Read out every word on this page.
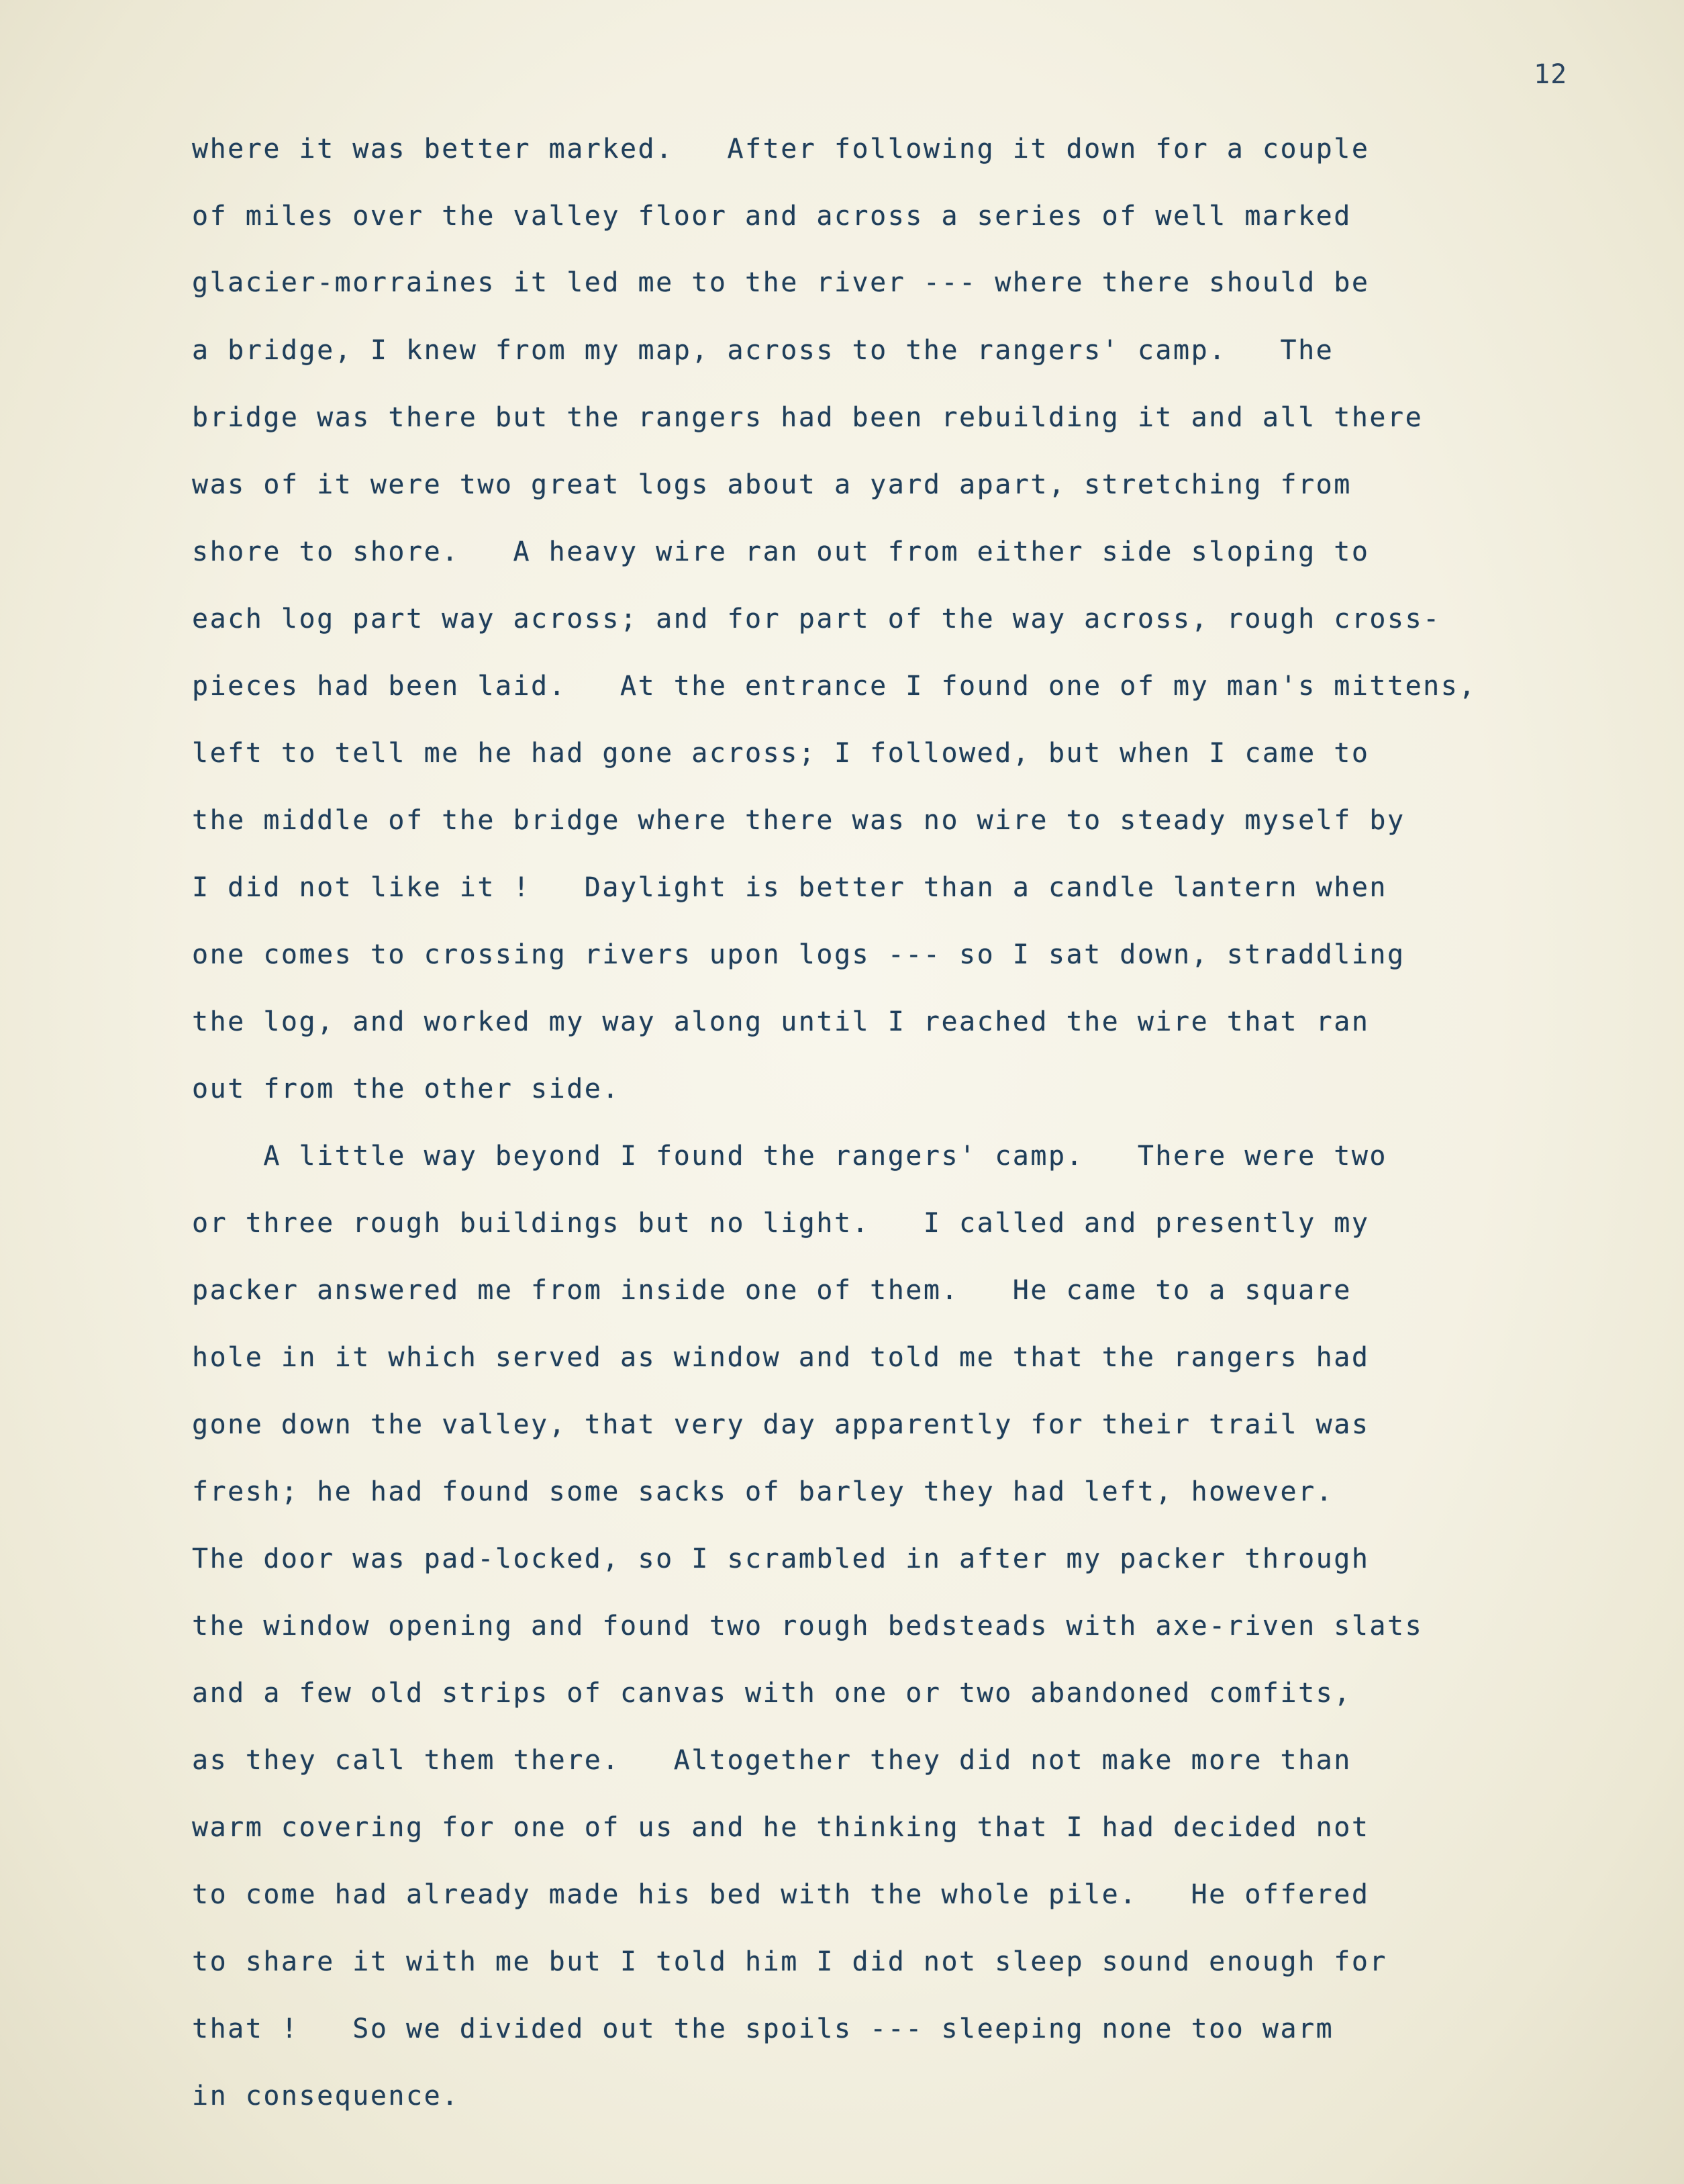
12
where it was better marked.   After following it down for a couple
of miles over the valley floor and across a series of well marked
glacier-morraines it led me to the river --- where there should be
a bridge, I knew from my map, across to the rangers' camp.   The
bridge was there but the rangers had been rebuilding it and all there
was of it were two great logs about a yard apart, stretching from
shore to shore.   A heavy wire ran out from either side sloping to
each log part way across; and for part of the way across, rough cross-
pieces had been laid.   At the entrance I found one of my man's mittens,
left to tell me he had gone across; I followed, but when I came to
the middle of the bridge where there was no wire to steady myself by
I did not like it !   Daylight is better than a candle lantern when
one comes to crossing rivers upon logs --- so I sat down, straddling
the log, and worked my way along until I reached the wire that ran
out from the other side.
A little way beyond I found the rangers' camp.   There were two
or three rough buildings but no light.   I called and presently my
packer answered me from inside one of them.   He came to a square
hole in it which served as window and told me that the rangers had
gone down the valley, that very day apparently for their trail was
fresh; he had found some sacks of barley they had left, however.
The door was pad-locked, so I scrambled in after my packer through
the window opening and found two rough bedsteads with axe-riven slats
and a few old strips of canvas with one or two abandoned comfits,
as they call them there.   Altogether they did not make more than
warm covering for one of us and he thinking that I had decided not
to come had already made his bed with the whole pile.   He offered
to share it with me but I told him I did not sleep sound enough for
that !   So we divided out the spoils --- sleeping none too warm
in consequence.
